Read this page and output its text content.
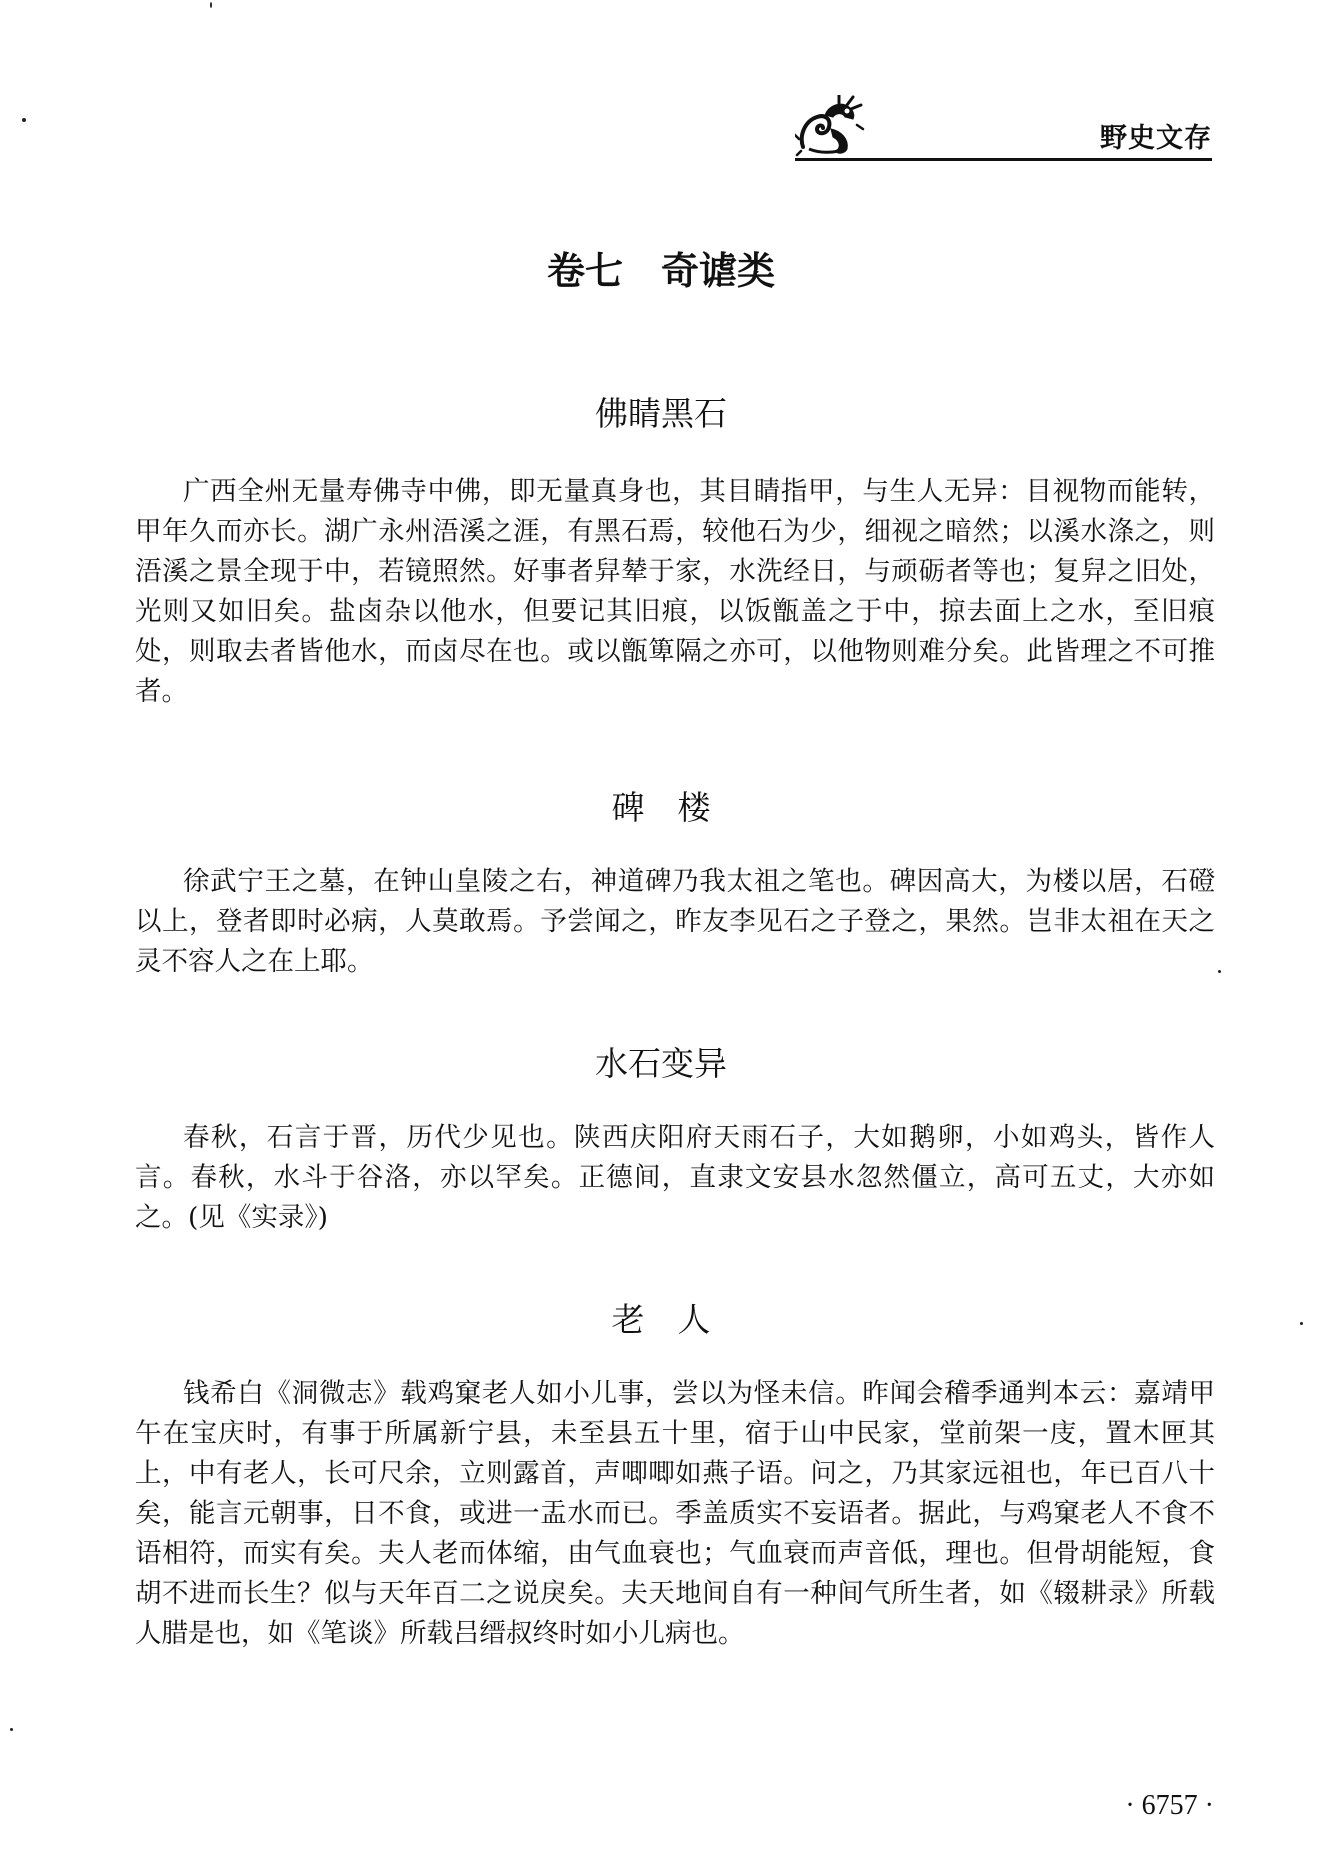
野史文存
卷七　奇谑类
佛睛黑石
广西全州无量寿佛寺中佛，即无量真身也，其目睛指甲，与生人无异：目视物而能转，甲年久而亦长。湖广永州浯溪之涯，有黑石焉，较他石为少，细视之暗然；以溪水涤之，则浯溪之景全现于中，若镜照然。好事者舁辇于家，水洗经日，与顽砺者等也；复舁之旧处，光则又如旧矣。盐卤杂以他水，但要记其旧痕，以饭甑盖之于中，掠去面上之水，至旧痕处，则取去者皆他水，而卤尽在也。或以甑箄隔之亦可，以他物则难分矣。此皆理之不可推者。
碑　楼
徐武宁王之墓，在钟山皇陵之右，神道碑乃我太祖之笔也。碑因高大，为楼以居，石磴以上，登者即时必病，人莫敢焉。予尝闻之，昨友李见石之子登之，果然。岂非太祖在天之灵不容人之在上耶。
水石变异
春秋，石言于晋，历代少见也。陕西庆阳府天雨石子，大如鹅卵，小如鸡头，皆作人言。春秋，水斗于谷洛，亦以罕矣。正德间，直隶文安县水忽然僵立，高可五丈，大亦如之。(见《实录》)
老　人
钱希白《洞微志》载鸡窠老人如小儿事，尝以为怪未信。昨闻会稽季通判本云：嘉靖甲午在宝庆时，有事于所属新宁县，未至县五十里，宿于山中民家，堂前架一庋，置木匣其上，中有老人，长可尺余，立则露首，声唧唧如燕子语。问之，乃其家远祖也，年已百八十矣，能言元朝事，日不食，或进一盂水而已。季盖质实不妄语者。据此，与鸡窠老人不食不语相符，而实有矣。夫人老而体缩，由气血衰也；气血衰而声音低，理也。但骨胡能短，食胡不进而长生？似与天年百二之说戾矣。夫天地间自有一种间气所生者，如《辍耕录》所载人腊是也，如《笔谈》所载吕缙叔终时如小儿病也。
· 6757 ·
